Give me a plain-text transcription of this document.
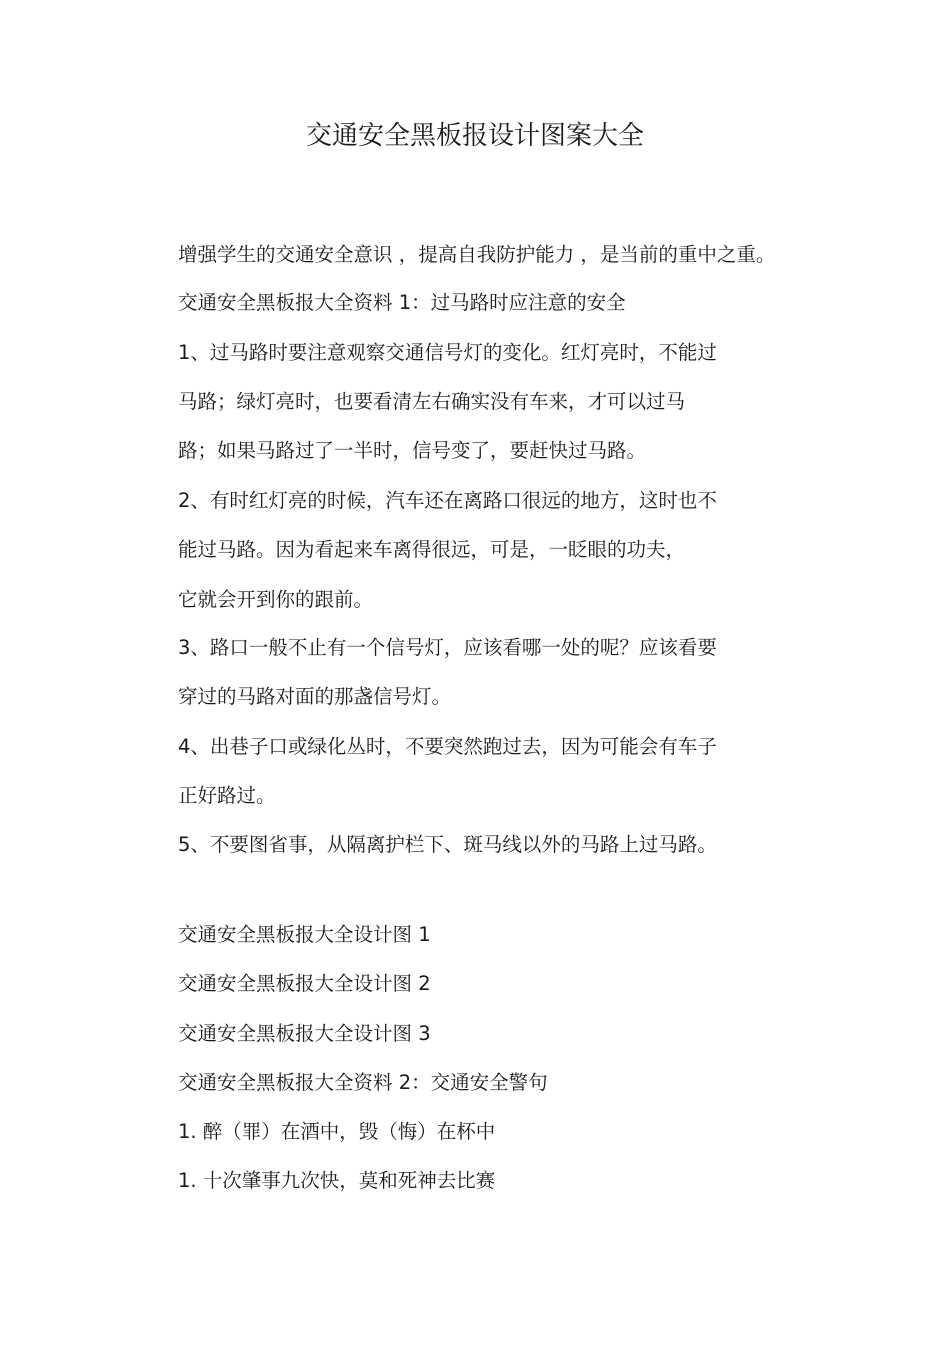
交通安全黑板报设计图案大全
增强学生的交通安全意识 ，提高自我防护能力 ，是当前的重中之重。
交通安全黑板报大全资料 1：过马路时应注意的安全
1、过马路时要注意观察交通信号灯的变化。红灯亮时，不能过
马路；绿灯亮时，也要看清左右确实没有车来，才可以过马
路；如果马路过了一半时，信号变了，要赶快过马路。
2、有时红灯亮的时候，汽车还在离路口很远的地方，这时也不
能过马路。因为看起来车离得很远，可是，一眨眼的功夫，
它就会开到你的跟前。
3、路口一般不止有一个信号灯，应该看哪一处的呢？应该看要
穿过的马路对面的那盏信号灯。
4、出巷子口或绿化丛时，不要突然跑过去，因为可能会有车子
正好路过。
5、不要图省事，从隔离护栏下、斑马线以外的马路上过马路。
交通安全黑板报大全设计图 1
交通安全黑板报大全设计图 2
交通安全黑板报大全设计图 3
交通安全黑板报大全资料 2：交通安全警句
1. 醉（罪）在酒中，毁（悔）在杯中
1. 十次肇事九次快，莫和死神去比赛
